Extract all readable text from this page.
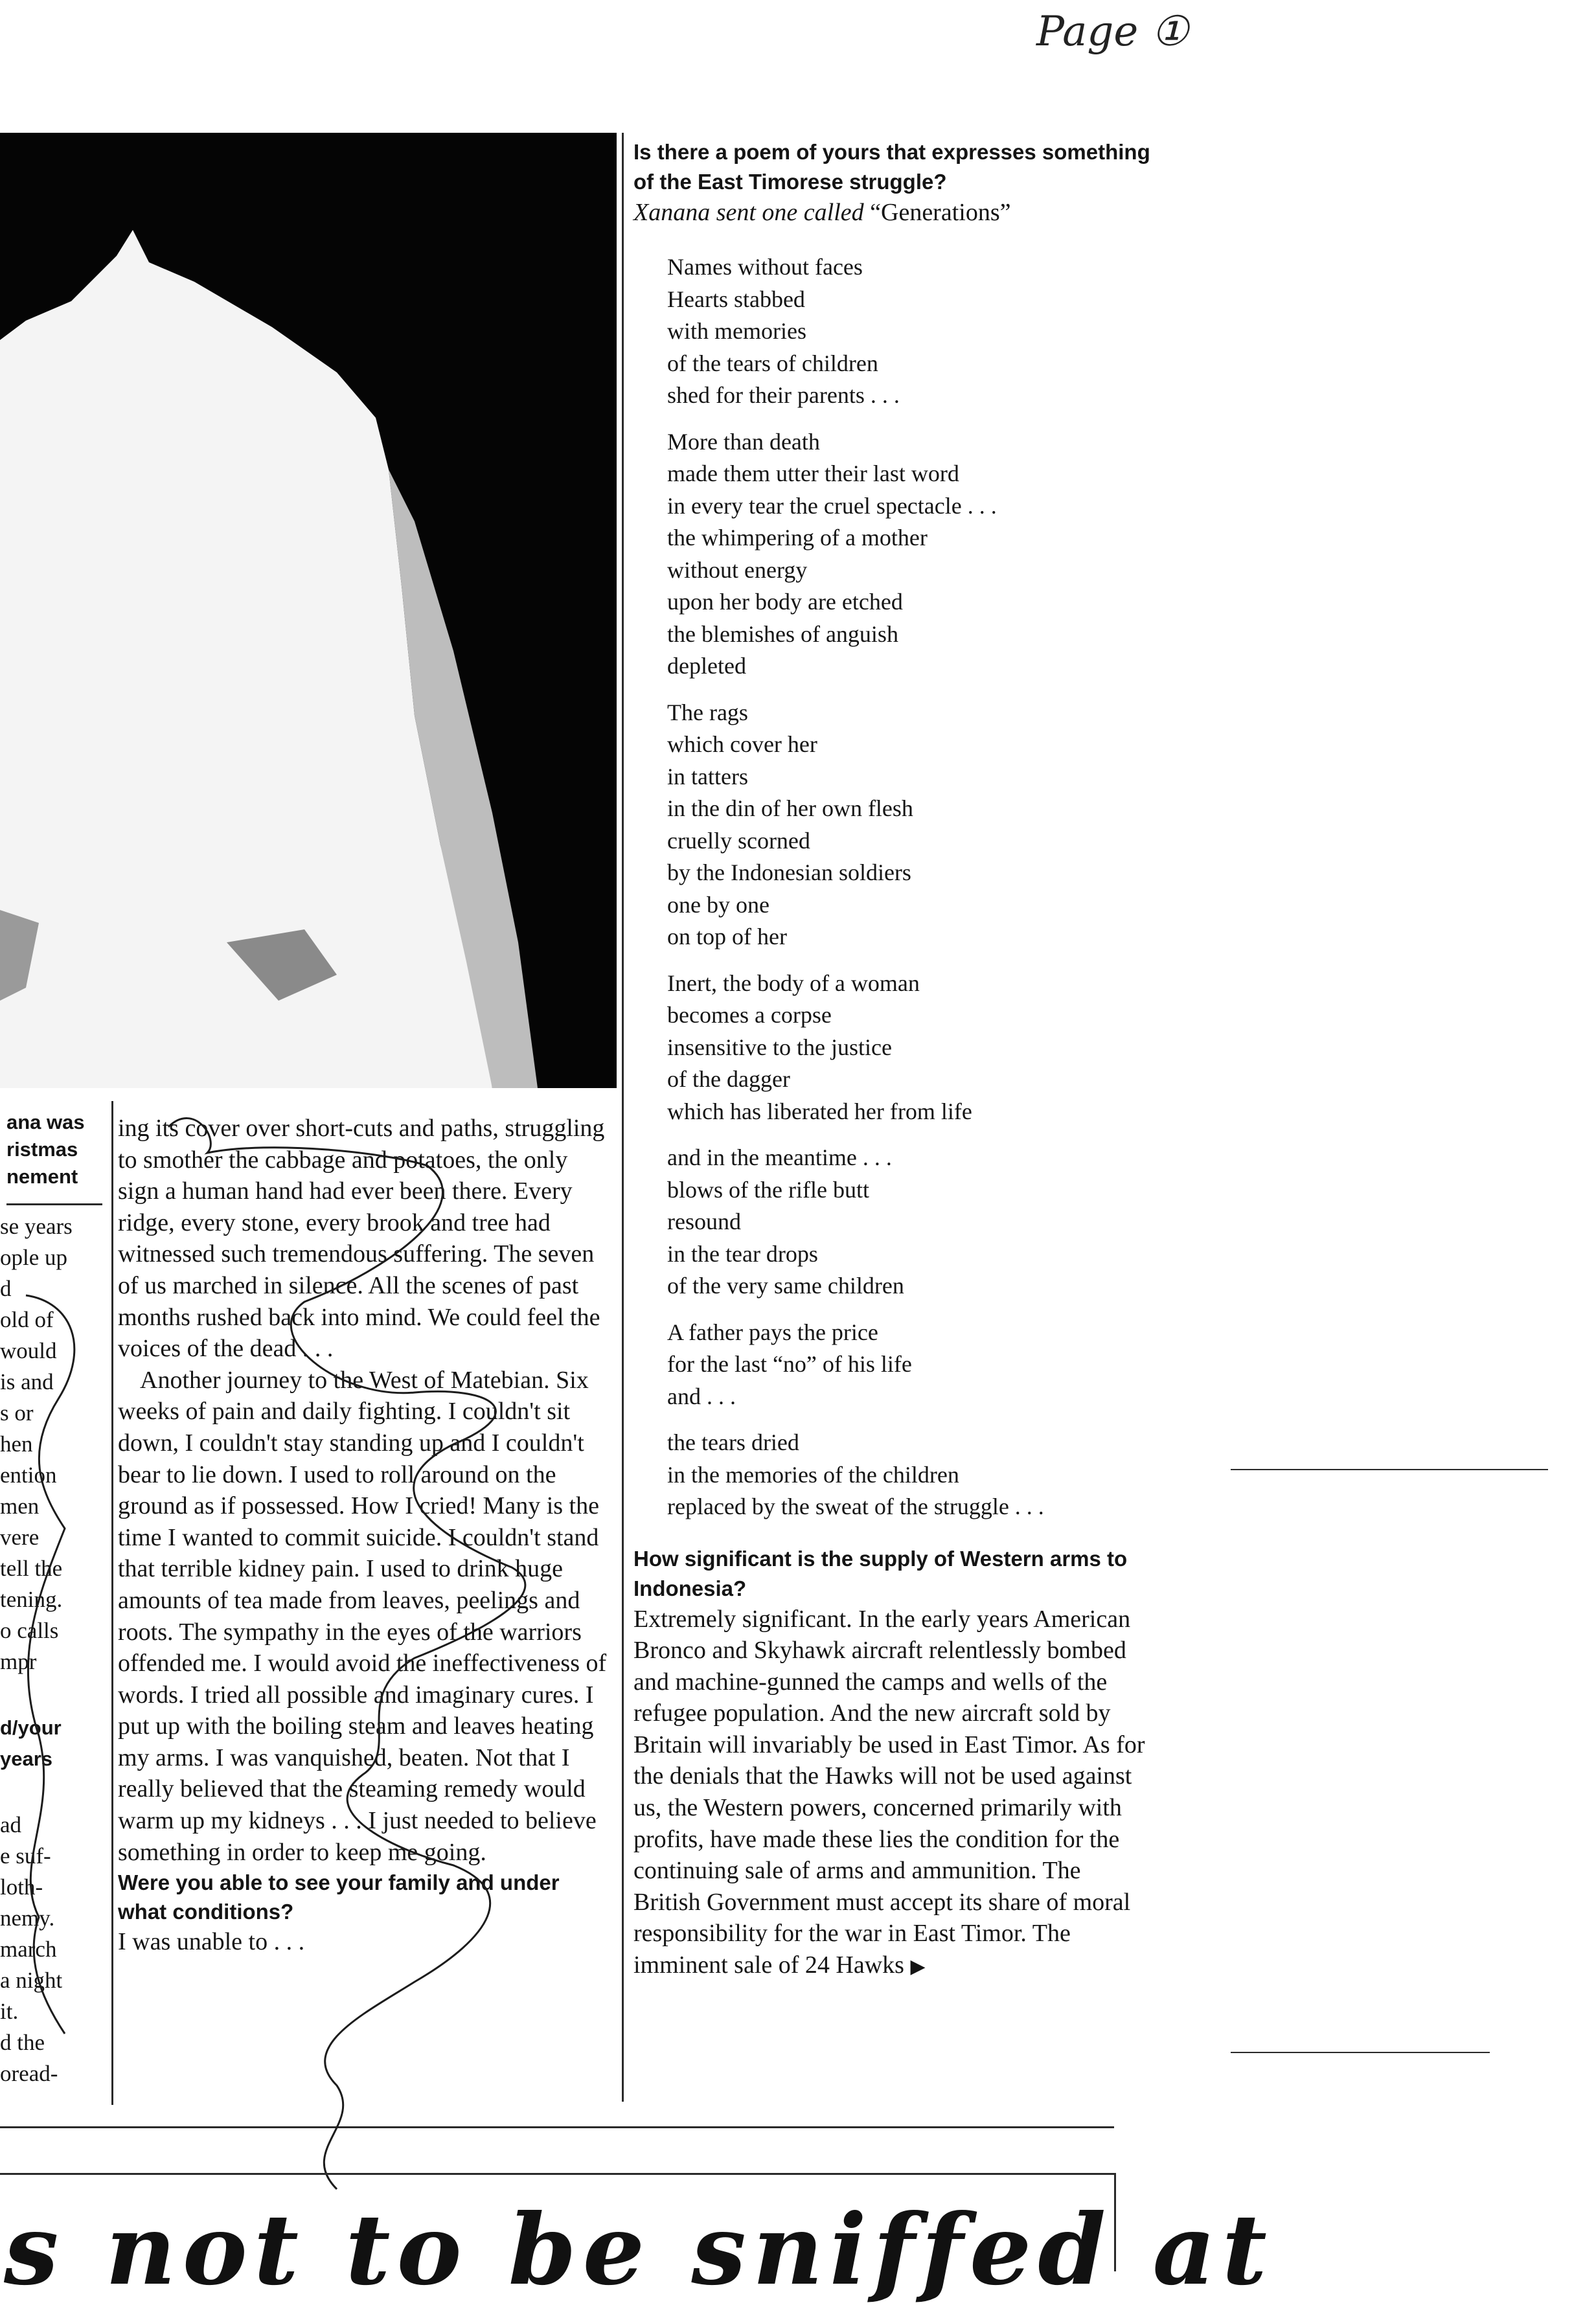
Page ①
ana was
ristmas
nement
se years
ople up
d
old of
would
is and
s or
hen
ention
men
vere
tell the
tening.
o calls
mpr
d/your
years
ad
e suf-
loth-
nemy.
march
a night
it.
d the
oread-

ing its cover over short-cuts and paths, struggling to smother the cabbage and potatoes, the only sign a human hand had ever been there. Every ridge, every stone, every brook and tree had witnessed such tremendous suffering. The seven of us marched in silence. All the scenes of past months rushed back into mind. We could feel the voices of the dead . . .

Another journey to the West of Matebian. Six weeks of pain and daily fighting. I couldn't sit down, I couldn't stay standing up and I couldn't bear to lie down. I used to roll around on the ground as if possessed. How I cried! Many is the time I wanted to commit suicide. I couldn't stand that terrible kidney pain. I used to drink huge amounts of tea made from leaves, peelings and roots. The sympathy in the eyes of the warriors offended me. I would avoid the ineffectiveness of words. I tried all possible and imaginary cures. I put up with the boiling steam and leaves heating my arms. I was vanquished, beaten. Not that I really believed that the steaming remedy would warm up my kidneys . . . I just needed to believe something in order to keep me going.

Were you able to see your family and under what conditions?

I was unable to . . .

Is there a poem of yours that expresses something of the East Timorese struggle?

Xanana sent one called “Generations”

Names without faces
Hearts stabbed
with memories
of the tears of children
shed for their parents . . .
More than death
made them utter their last word
in every tear the cruel spectacle . . .
the whimpering of a mother
without energy
upon her body are etched
the blemishes of anguish
depleted
The rags
which cover her
in tatters
in the din of her own flesh
cruelly scorned
by the Indonesian soldiers
one by one
on top of her
Inert, the body of a woman
becomes a corpse
insensitive to the justice
of the dagger
which has liberated her from life
and in the meantime . . .
blows of the rifle butt
resound
in the tear drops
of the very same children
A father pays the price
for the last “no” of his life
and . . .
the tears dried
in the memories of the children
replaced by the sweat of the struggle . . .

How significant is the supply of Western arms to Indonesia?

Extremely significant. In the early years American Bronco and Skyhawk aircraft relentlessly bombed and machine-gunned the camps and wells of the refugee population. And the new aircraft sold by Britain will invariably be used in East Timor. As for the denials that the Hawks will not be used against us, the Western powers, concerned primarily with profits, have made these lies the condition for the continuing sale of arms and ammunition. The British Government must accept its share of moral responsibility for the war in East Timor. The imminent sale of 24 Hawks ▶

s not to be sniffed at
